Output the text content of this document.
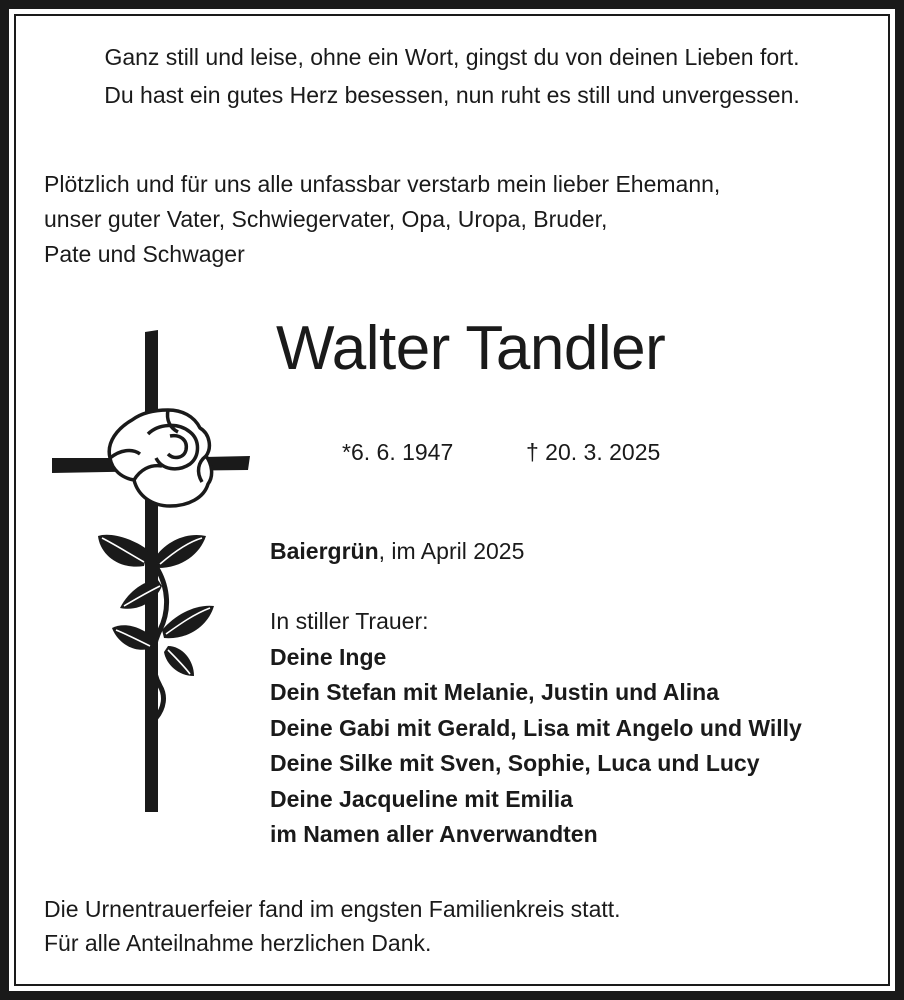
Ganz still und leise, ohne ein Wort, gingst du von deinen Lieben fort.
Du hast ein gutes Herz besessen, nun ruht es still und unvergessen.
Plötzlich und für uns alle unfassbar verstarb mein lieber Ehemann,
unser guter Vater, Schwiegervater, Opa, Uropa, Bruder,
Pate und Schwager
Walter Tandler
*6. 6. 1947	† 20. 3. 2025
Baiergrün, im April 2025
In stiller Trauer:
Deine Inge
Dein Stefan mit Melanie, Justin und Alina
Deine Gabi mit Gerald, Lisa mit Angelo und Willy
Deine Silke mit Sven, Sophie, Luca und Lucy
Deine Jacqueline mit Emilia
im Namen aller Anverwandten
Die Urnentrauerfeier fand im engsten Familienkreis statt.
Für alle Anteilnahme herzlichen Dank.
